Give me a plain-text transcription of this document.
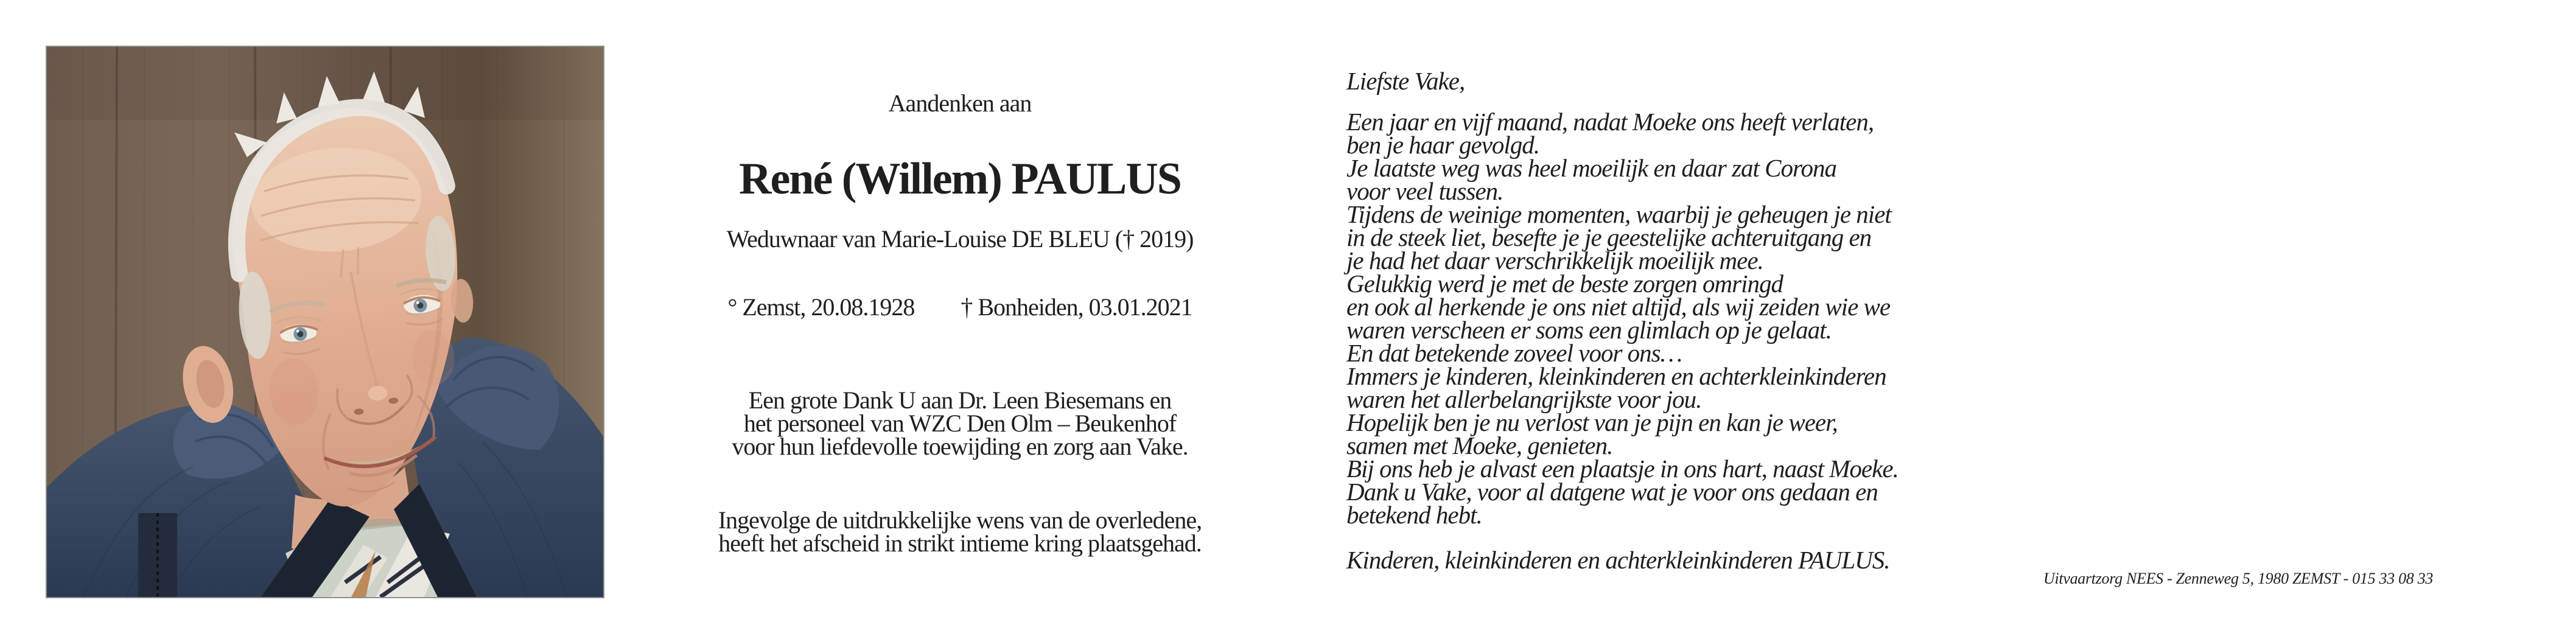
Aandenken aan
René (Willem) PAULUS
Weduwnaar van Marie-Louise DE BLEU († 2019)
° Zemst, 20.08.1928 † Bonheiden, 03.01.2021
Een grote Dank U aan Dr. Leen Biesemans en
het personeel van WZC Den Olm – Beukenhof
voor hun liefdevolle toewijding en zorg aan Vake.
Ingevolge de uitdrukkelijke wens van de overledene,
heeft het afscheid in strikt intieme kring plaatsgehad.
Liefste Vake,
Een jaar en vijf maand, nadat Moeke ons heeft verlaten,
ben je haar gevolgd.
Je laatste weg was heel moeilijk en daar zat Corona
voor veel tussen.
Tijdens de weinige momenten, waarbij je geheugen je niet
in de steek liet, besefte je je geestelijke achteruitgang en
je had het daar verschrikkelijk moeilijk mee.
Gelukkig werd je met de beste zorgen omringd
en ook al herkende je ons niet altijd, als wij zeiden wie we
waren verscheen er soms een glimlach op je gelaat.
En dat betekende zoveel voor ons…
Immers je kinderen, kleinkinderen en achterkleinkinderen
waren het allerbelangrijkste voor jou.
Hopelijk ben je nu verlost van je pijn en kan je weer,
samen met Moeke, genieten.
Bij ons heb je alvast een plaatsje in ons hart, naast Moeke.
Dank u Vake, voor al datgene wat je voor ons gedaan en
betekend hebt.
Kinderen, kleinkinderen en achterkleinkinderen PAULUS.
Uitvaartzorg NEES - Zenneweg 5, 1980 ZEMST - 015 33 08 33
